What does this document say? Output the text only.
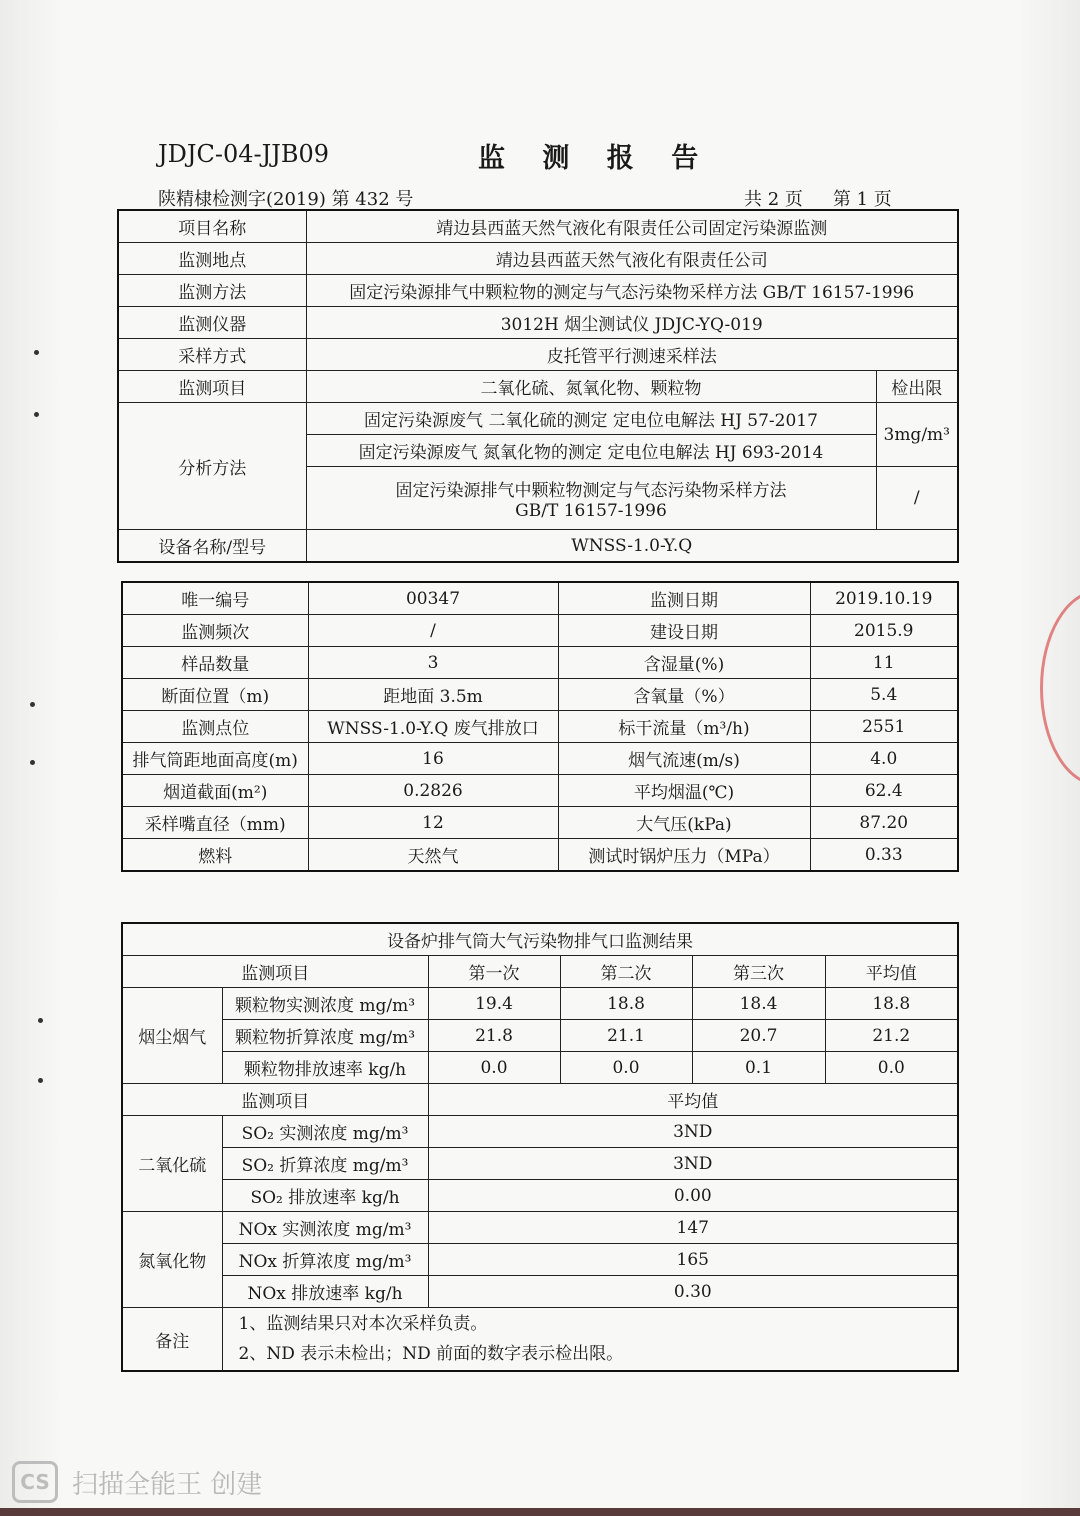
JDJC-04-JJB09	监 测 报 告
陕精棣检测字(2019) 第 432 号	共 2 页 第 1 页
项目名称	靖边县西蓝天然气液化有限责任公司固定污染源监测	
监测地点	靖边县西蓝天然气液化有限责任公司	
监测方法	固定污染源排气中颗粒物的测定与气态污染物采样方法 GB/T 16157-1996	
监测仪器	3012H 烟尘测试仪 JDJC-YQ-019	
采样方式	皮托管平行测速采样法	
监测项目	二氧化硫、氮氧化物、颗粒物	检出限
分析方法	固定污染源废气 二氧化硫的测定 定电位电解法 HJ 57-2017	3mg/m³
	固定污染源废气 氮氧化物的测定 定电位电解法 HJ 693-2014	

	固定污染源排气中颗粒物测定与气态污染物采样方法
GB/T 16157-1996	/
设备名称/型号	WNSS-1.0-Y.Q	
唯一编号	00347	监测日期	2019.10.19
监测频次	/	建设日期	2015.9
样品数量	3	含湿量(%)	11
断面位置（m)	距地面 3.5m	含氧量（%）	5.4
监测点位	WNSS-1.0-Y.Q 废气排放口	标干流量（m³/h)	2551
排气筒距地面高度(m)	16	烟气流速(m/s)	4.0
烟道截面(m²)	0.2826	平均烟温(℃)	62.4
采样嘴直径（mm)	12	大气压(kPa)	87.20
燃料	天然气	测试时锅炉压力（MPa）	0.33
设备炉排气筒大气污染物排气口监测结果					
监测项目		第一次	第二次	第三次	平均值
烟尘烟气	颗粒物实测浓度 mg/m³	19.4	18.8	18.4	18.8
	颗粒物折算浓度 mg/m³	21.8	21.1	20.7	21.2
	颗粒物排放速率 kg/h	0.0	0.0	0.1	0.0
监测项目		平均值			
二氧化硫	SO₂ 实测浓度 mg/m³	3ND			
	SO₂ 折算浓度 mg/m³	3ND			
	SO₂ 排放速率 kg/h	0.00			
氮氧化物	NOx 实测浓度 mg/m³	147			
	NOx 折算浓度 mg/m³	165			
	NOx 排放速率 kg/h	0.30			
备注	1、监测结果只对本次采样负责。
2、ND 表示未检出；ND 前面的数字表示检出限。				
CS 扫描全能王 创建
